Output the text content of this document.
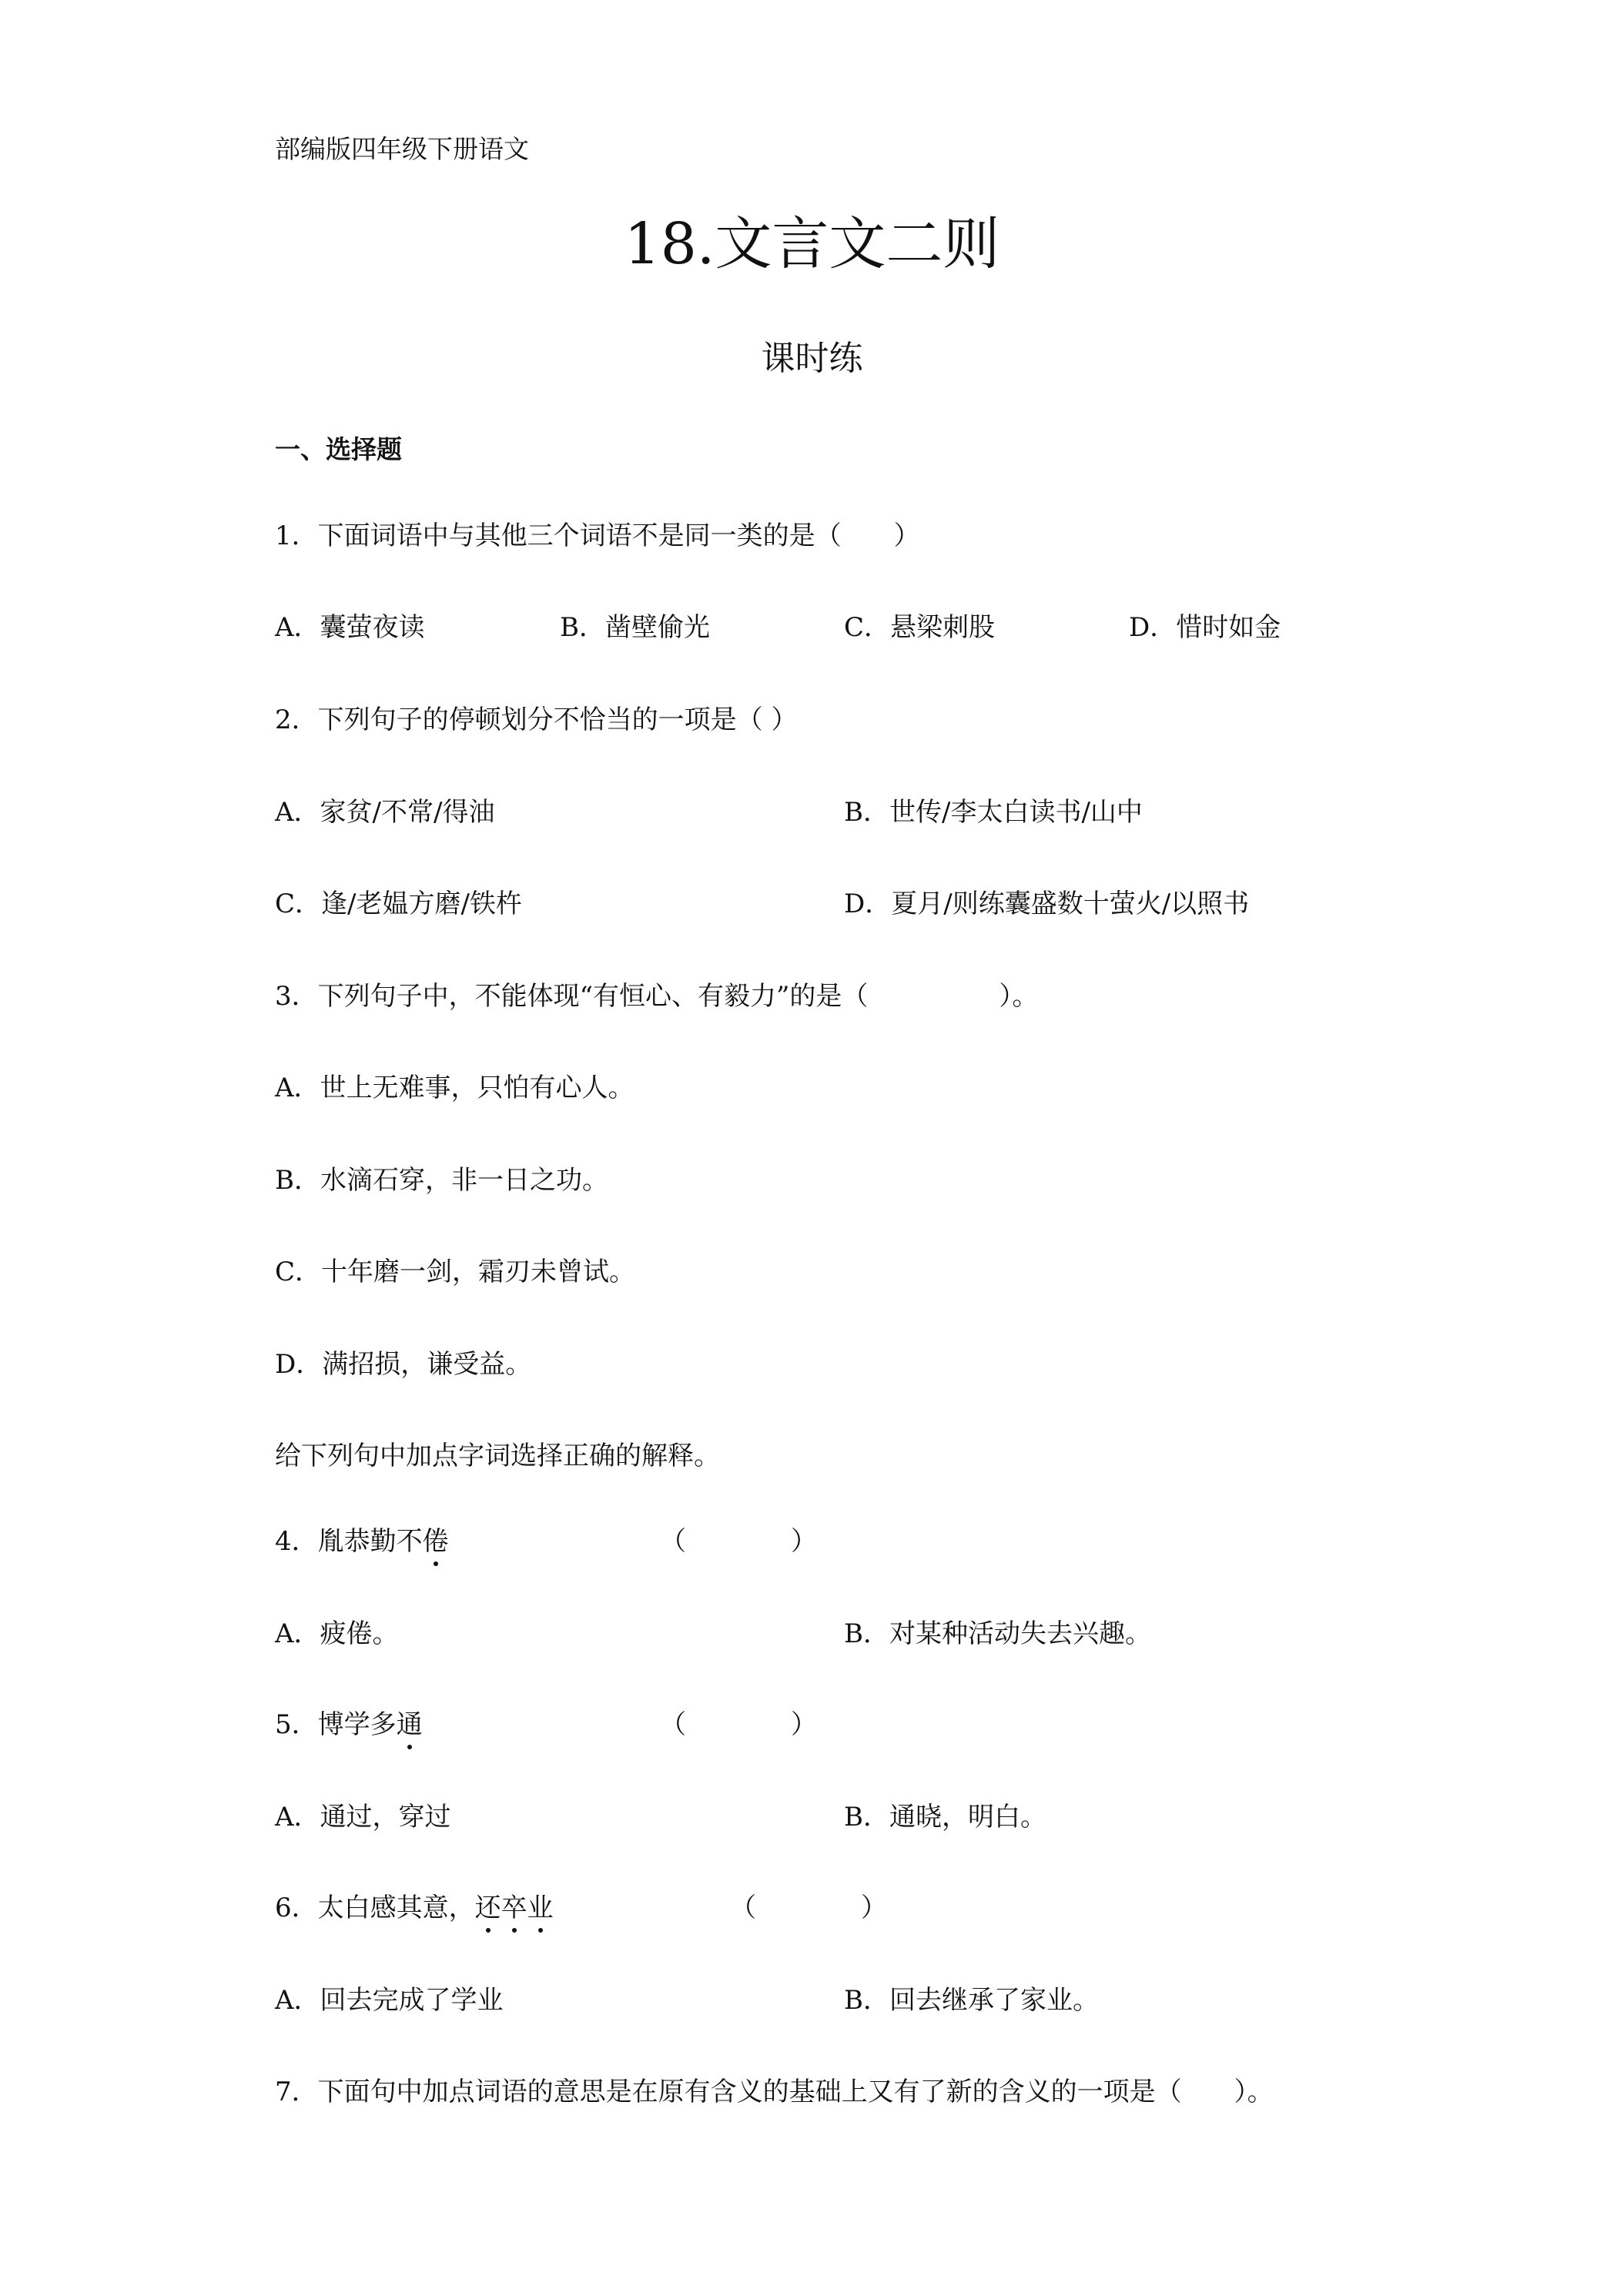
部编版四年级下册语文
18.文言文二则
课时练
一、选择题
1．下面词语中与其他三个词语不是同一类的是（　　）
A．囊萤夜读	B．凿壁偷光	C．悬梁刺股	D．惜时如金
2．下列句子的停顿划分不恰当的一项是（ ）
A．家贫/不常/得油	B．世传/李太白读书/山中
C．逢/老媪方磨/铁杵	D．夏月/则练囊盛数十萤火/以照书
3．下列句子中，不能体现“有恒心、有毅力”的是（　　　　　）。
A．世上无难事，只怕有心人。
B．水滴石穿，非一日之功。
C．十年磨一剑，霜刃未曾试。
D．满招损，谦受益。
给下列句中加点字词选择正确的解释。
4．胤恭勤不倦	（　　　　）
A．疲倦。	B．对某种活动失去兴趣。
5．博学多通	（　　　　）
A．通过，穿过	B．通晓，明白。
6．太白感其意，还卒业	（　　　　）
A．回去完成了学业	B．回去继承了家业。
7．下面句中加点词语的意思是在原有含义的基础上又有了新的含义的一项是（　　）。
